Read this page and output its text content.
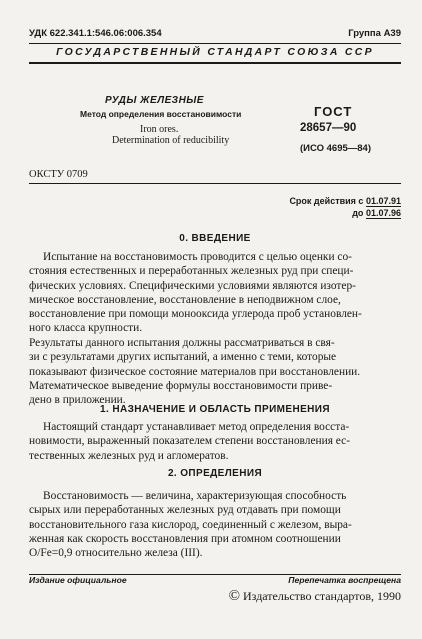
УДК 622.341.1:546.06:006.354	Группа А39
ГОСУДАРСТВЕННЫЙ СТАНДАРТ СОЮЗА ССР
РУДЫ ЖЕЛЕЗНЫЕ
Метод определения восстановимости
Iron ores.
Determination of reducibility
ГОСТ
28657—90
(ИСО 4695—84)
ОКСТУ 0709
Срок действия с 01.07.91
до 01.07.96
0. ВВЕДЕНИЕ
Испытание на восстановимость проводится с целью оценки со-
стояния естественных и переработанных железных руд при специ-
фических условиях. Специфическими условиями являются изотер-
мическое восстановление, восстановление в неподвижном слое,
восстановление при помощи монооксида углерода проб установлен-
ного класса крупности.
Результаты данного испытания должны рассматриваться в свя-
зи с результатами других испытаний, а именно с теми, которые
показывают физическое состояние материалов при восстановлении.
Математическое выведение формулы восстановимости приве-
дено в приложении.
1. НАЗНАЧЕНИЕ И ОБЛАСТЬ ПРИМЕНЕНИЯ
Настоящий стандарт устанавливает метод определения восста-
новимости, выраженный показателем степени восстановления ес-
тественных железных руд и агломератов.
2. ОПРЕДЕЛЕНИЯ
Восстановимость — величина, характеризующая способность
сырых или переработанных железных руд отдавать при помощи
восстановительного газа кислород, соединенный с железом, выра-
женная как скорость восстановления при атомном соотношении
O/Fe=0,9 относительно железа (III).
Издание официальное	Перепечатка воспрещена
© Издательство стандартов, 1990
